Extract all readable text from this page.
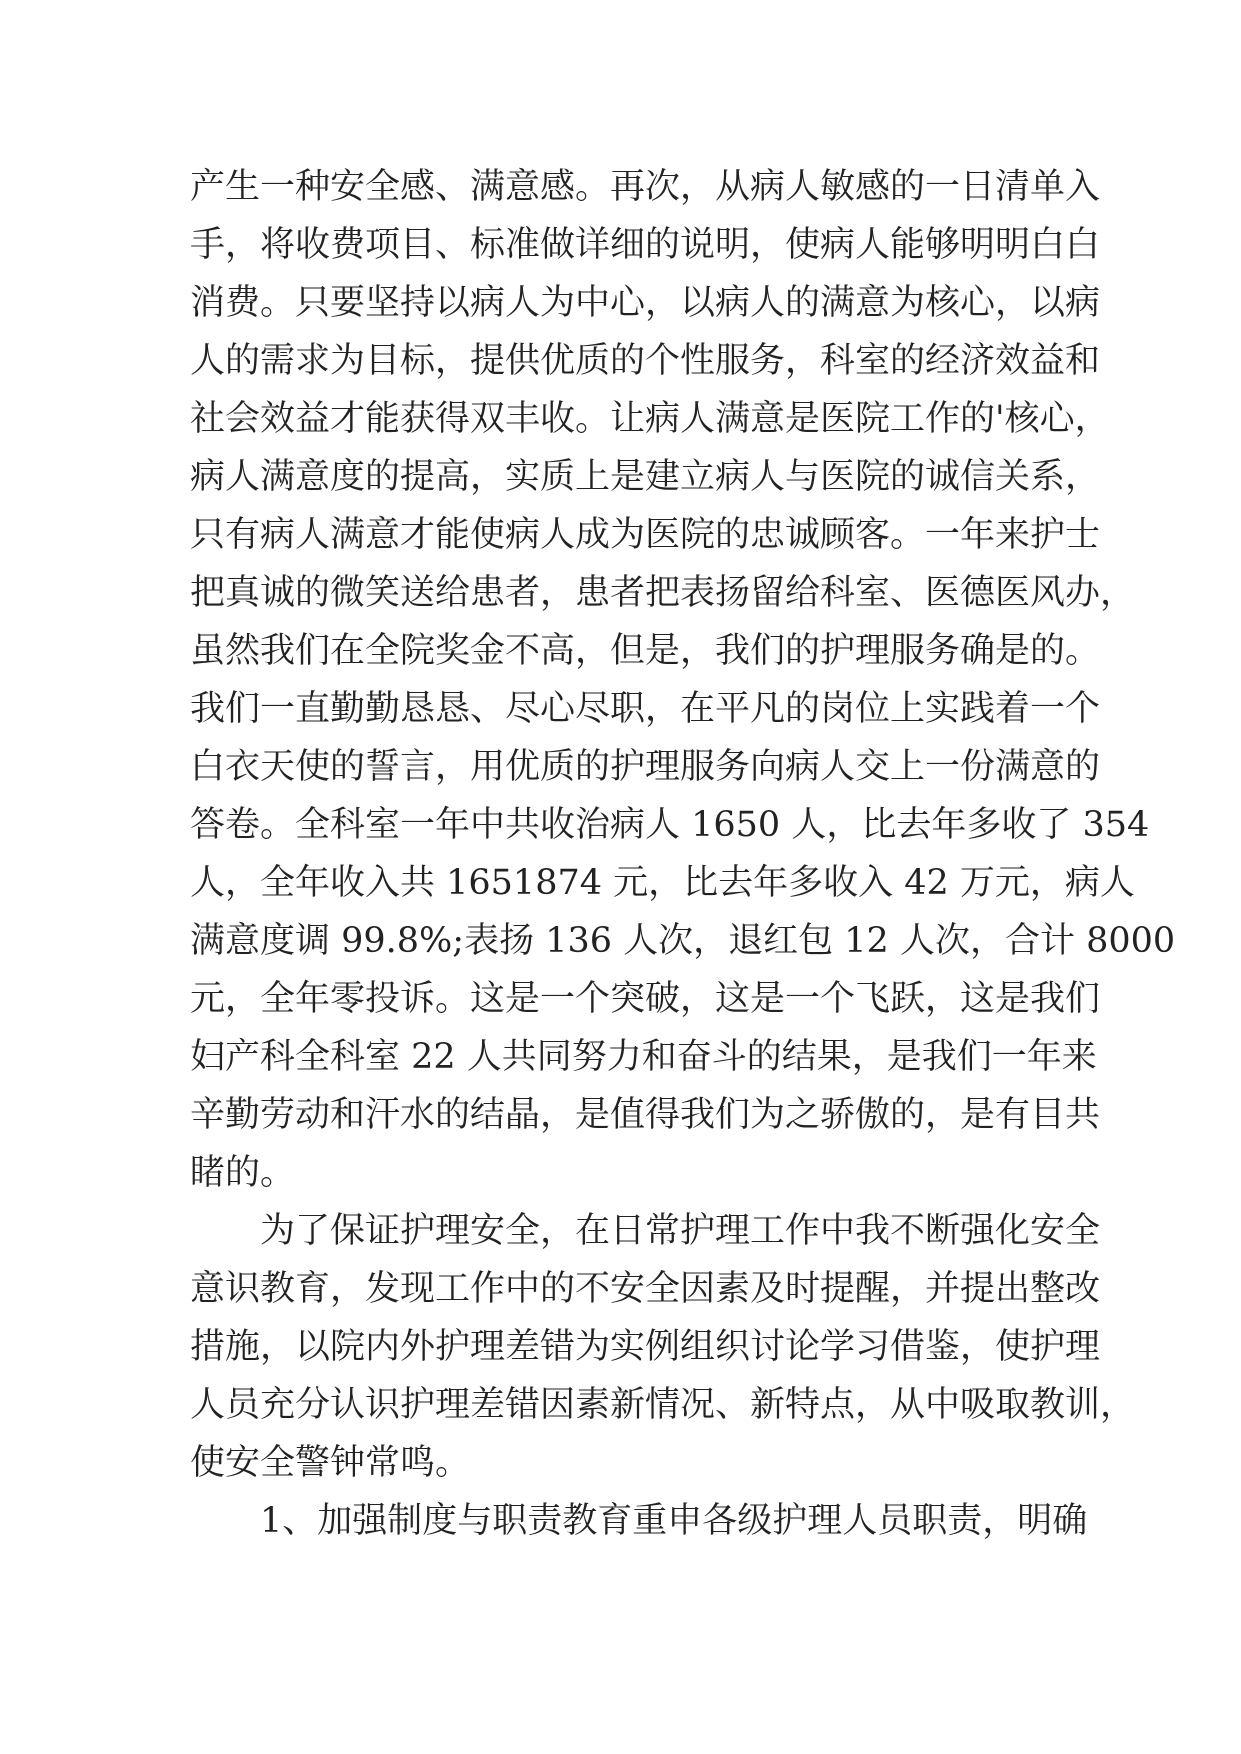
产生一种安全感、满意感。再次，从病人敏感的一日清单入
手，将收费项目、标准做详细的说明，使病人能够明明白白
消费。只要坚持以病人为中心，以病人的满意为核心，以病
人的需求为目标，提供优质的个性服务，科室的经济效益和
社会效益才能获得双丰收。让病人满意是医院工作的'核心，
病人满意度的提高，实质上是建立病人与医院的诚信关系，
只有病人满意才能使病人成为医院的忠诚顾客。一年来护士
把真诚的微笑送给患者，患者把表扬留给科室、医德医风办，
虽然我们在全院奖金不高，但是，我们的护理服务确是的。
我们一直勤勤恳恳、尽心尽职，在平凡的岗位上实践着一个
白衣天使的誓言，用优质的护理服务向病人交上一份满意的
答卷。全科室一年中共收治病人 1650 人，比去年多收了 354
人，全年收入共 1651874 元，比去年多收入 42 万元，病人
满意度调 99.8%;表扬 136 人次，退红包 12 人次，合计 8000
元，全年零投诉。这是一个突破，这是一个飞跃，这是我们
妇产科全科室 22 人共同努力和奋斗的结果，是我们一年来
辛勤劳动和汗水的结晶，是值得我们为之骄傲的，是有目共
睹的。
为了保证护理安全，在日常护理工作中我不断强化安全
意识教育，发现工作中的不安全因素及时提醒，并提出整改
措施，以院内外护理差错为实例组织讨论学习借鉴，使护理
人员充分认识护理差错因素新情况、新特点，从中吸取教训，
使安全警钟常鸣。
1、加强制度与职责教育重申各级护理人员职责，明确
